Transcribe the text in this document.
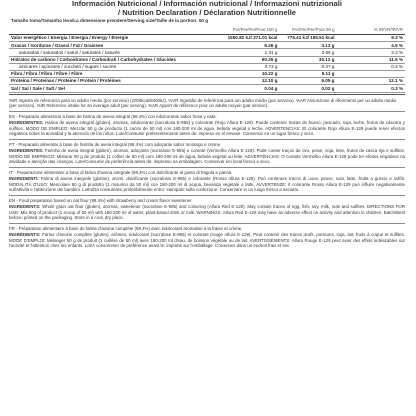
Información Nutricional / Información nutricional / Informazioni nutrizionali
/ Nutrition Declaration / Déclaration Nutritionnelle
Tamaño toma/Tamanho leva/La dimensione prendere/Serving size/Taille de la portion: 50 g
	Por/Per/Per/Pour 100 g	Por/Per/Per/Pour 50 g	% IR/VR/IR/VR
Valor energético / Energia / Energia / Energy / Énergie	1550.82 kJ/ 371.01 kcal	775.41 kJ/ 185.51 kcal	9.3 %
Grasas / Gorduras / Grassi / Fat / Graisses	6.26 g	3.13 g	4.5 %
saturadas / saturados / saturi / saturates / saturés	1.31 g	0.65 g	3.3 %
Hidratos de carbono / Carboidratos / Carboidrati / Carbohydrates / Glucides	60.25 g	30.12 g	11.6 %
azúcares / açúcares / zuccheri / sugars / sucres	0.73 g	0.37 g	0.4 %
Fibra / Fibra / Fibra / Fibre / Fibre	10.22 g	5.11 g	
Proteína / Proteínas / Proteine / Protein / Protéines	12.10 g	6.05 g	12.1 %
Sal / Sal / Sale / Salt / Sel	0.04 g	0.02 g	0.3 %
%IR Ingesta de referencia para un adulto medio (por servicio) (2000kcal/8400kJ). %VR Ingestão de referência para um adulto médio (por servicio). %AR Assunzione di riferimento per un adulto medio (per servizio). %IR Reference intake for an average adult (per serving). %AR Apport de référence pour un adulte moyen (par service).
ES - Preparado alimenticio a base de harina de avena integral (98.4%) con edulcorante sabor fresa y nata.
INGREDIENTES: Harina de avena integral (gluten), aromas, edulcorante (sucralosa E-955) y colorante (Rojo Allura E-129). Puede contener trazas de huevo, pescado, soja, leche, frutos de cáscara y sulfitos. MODO DE EMPLEO: Mezclar 50 g de producto (1 cacito de 50 ml) con 180-200 ml de agua, bebida vegetal o leche. ADVERTENCIAS: El colorante Rojo Allura E-129 puede tener efectos negativos sobre la actividad y la atención de los niños. Lote/Consumir preferentemente antes de: impreso en el envase. Conservar en un lugar fresco y seco.
PT - Preparado alimentar à base de farinha de aveia integral (98.4%) com adoçante sabor morango e creme.
INGREDIENTES: Farinha de aveia integral (glúten), aromas, adoçante (sucralose E-955) e corante (vermelho Allura E-129). Pode conter traços de ovo, peixe, soja, leite, frutos de casca rija e sulfitos. MODO DE EMPREGO: Misturar 50 g de produto (1 colher de 50 ml) com 180-200 ml de água, bebida vegetal ou leite. ADVERTÊNCIAS: O corante Vermelho Allura E-129 pode ter efeitos negativos na atividade e atenção das crianças. Lote/Consumir de preferência antes de: impresso na embalagem. Conservar em local fresco e seco.
IT - Preparazione alimentare a base di farina d'avena integrale (98.4%) con dolcificante al gusto di fragola e panna.
INGREDIENTI: Farina di avena integrale (glutine), aromi, dolcificante (sucralosio E-955) e colorante (Rosso Allura E-129). Può contenere tracce di uova, pesce, soia, latte, frutta a guscio e solfiti. MODALITÀ D'USO: Mescolare 50 g di prodotto (1 misurino da 50 ml) con 180-200 ml di acqua, bevanda vegetale o latte. AVVERTENZE: Il colorante Rosso Allura E-129 può influire negativamente sull'attività e l'attenzione dei bambini. Lotto/Da consumarsi preferibilmente entro: stampato sulla confezione. Conservare in un luogo fresco e asciutto.
EN - Food preparation based on oat flour (98.4%) with strawberry and cream flavor sweetener.
INGREDIENTS: Whole grain oat flour (gluten), aromas, sweetener (sucralose E-955) and colouring (Allura Red E-129). May contain traces of egg, fish, soy, milk, nuts and sulfites. DIRECTIONS FOR USE: Mix 50g of product (1 scoop of 50 ml) with 180-200 ml of water, plant-based drink or milk. WARNINGS: Allura Red E-129 may have an adverse effect on activity and attention in children. Batch/Best before: printed on the packaging. Store in a cool, dry place.
FR - Préparation alimentaire à base de farine d'avoine complète (98.4%) avec édulcorant aromatisé à la fraise et crème.
INGRÉDIENTS: Farine d'avoine complète (gluten), arômes, édulcorant (sucralose E-955) et colorant (rouge Allura E-129). Peut contenir des traces œufs, poissons, soja, lait, fruits à coque et sulfites. MODE D'EMPLOI: Mélanger 50 g de produit (1 cuillère de 50 ml) avec 180-200 ml d'eau, de boisson végétale ou de lait. AVERTISSEMENTS: Allura Rouge E-129 peut avoir des effets indésirables sur l'activité et l'attention chez les enfants. Lot/À consommer de préférence avant le: imprimé sur l'emballage. Conserver dans un endroit frais et sec.
